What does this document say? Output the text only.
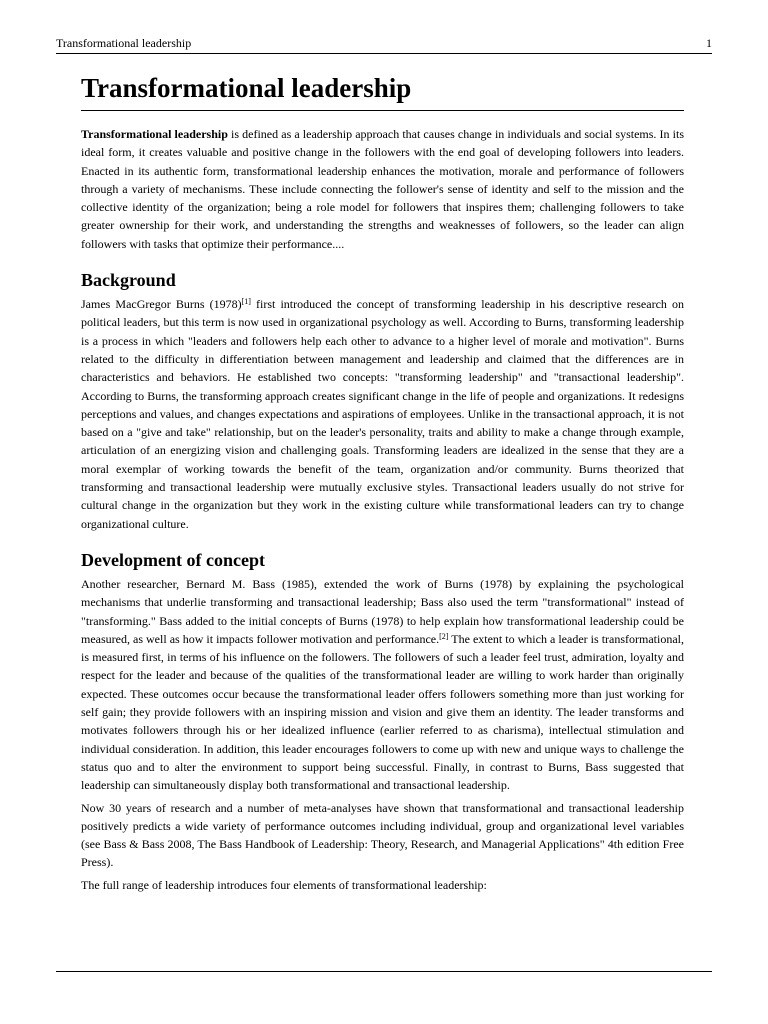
Transformational leadership	1
Transformational leadership

Transformational leadership is defined as a leadership approach that causes change in individuals and social systems. In its ideal form, it creates valuable and positive change in the followers with the end goal of developing followers into leaders. Enacted in its authentic form, transformational leadership enhances the motivation, morale and performance of followers through a variety of mechanisms. These include connecting the follower's sense of identity and self to the mission and the collective identity of the organization; being a role model for followers that inspires them; challenging followers to take greater ownership for their work, and understanding the strengths and weaknesses of followers, so the leader can align followers with tasks that optimize their performance....

Background

James MacGregor Burns (1978)[1] first introduced the concept of transforming leadership in his descriptive research on political leaders, but this term is now used in organizational psychology as well. According to Burns, transforming leadership is a process in which "leaders and followers help each other to advance to a higher level of morale and motivation". Burns related to the difficulty in differentiation between management and leadership and claimed that the differences are in characteristics and behaviors. He established two concepts: "transforming leadership" and "transactional leadership". According to Burns, the transforming approach creates significant change in the life of people and organizations. It redesigns perceptions and values, and changes expectations and aspirations of employees. Unlike in the transactional approach, it is not based on a "give and take" relationship, but on the leader's personality, traits and ability to make a change through example, articulation of an energizing vision and challenging goals. Transforming leaders are idealized in the sense that they are a moral exemplar of working towards the benefit of the team, organization and/or community. Burns theorized that transforming and transactional leadership were mutually exclusive styles. Transactional leaders usually do not strive for cultural change in the organization but they work in the existing culture while transformational leaders can try to change organizational culture.

Development of concept

Another researcher, Bernard M. Bass (1985), extended the work of Burns (1978) by explaining the psychological mechanisms that underlie transforming and transactional leadership; Bass also used the term "transformational" instead of "transforming." Bass added to the initial concepts of Burns (1978) to help explain how transformational leadership could be measured, as well as how it impacts follower motivation and performance.[2] The extent to which a leader is transformational, is measured first, in terms of his influence on the followers. The followers of such a leader feel trust, admiration, loyalty and respect for the leader and because of the qualities of the transformational leader are willing to work harder than originally expected. These outcomes occur because the transformational leader offers followers something more than just working for self gain; they provide followers with an inspiring mission and vision and give them an identity. The leader transforms and motivates followers through his or her idealized influence (earlier referred to as charisma), intellectual stimulation and individual consideration. In addition, this leader encourages followers to come up with new and unique ways to challenge the status quo and to alter the environment to support being successful. Finally, in contrast to Burns, Bass suggested that leadership can simultaneously display both transformational and transactional leadership.

Now 30 years of research and a number of meta-analyses have shown that transformational and transactional leadership positively predicts a wide variety of performance outcomes including individual, group and organizational level variables (see Bass & Bass 2008, The Bass Handbook of Leadership: Theory, Research, and Managerial Applications" 4th edition Free Press).

The full range of leadership introduces four elements of transformational leadership:
